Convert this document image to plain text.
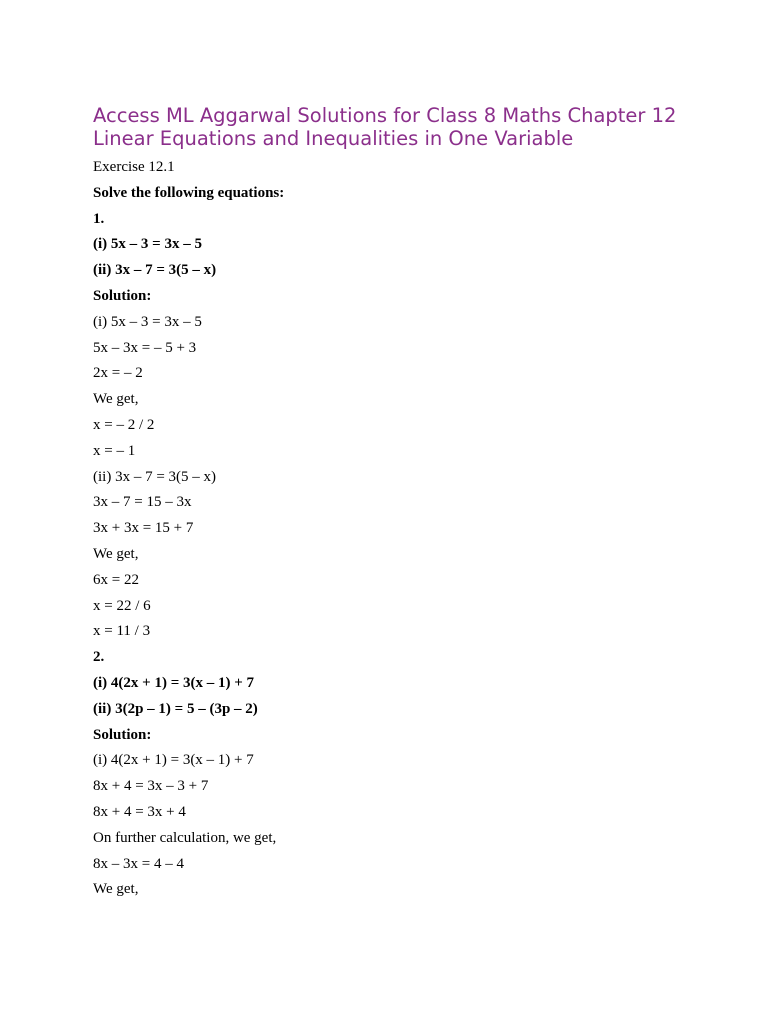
Access ML Aggarwal Solutions for Class 8 Maths Chapter 12 Linear Equations and Inequalities in One Variable

Exercise 12.1

Solve the following equations:

1.

(i) 5x – 3 = 3x – 5

(ii) 3x – 7 = 3(5 – x)

Solution:

(i) 5x – 3 = 3x – 5

5x – 3x = – 5 + 3

2x = – 2

We get,

x = – 2 / 2

x = – 1

(ii) 3x – 7 = 3(5 – x)

3x – 7 = 15 – 3x

3x + 3x = 15 + 7

We get,

6x = 22

x = 22 / 6

x = 11 / 3

2.

(i) 4(2x + 1) = 3(x – 1) + 7

(ii) 3(2p – 1) = 5 – (3p – 2)

Solution:

(i) 4(2x + 1) = 3(x – 1) + 7

8x + 4 = 3x – 3 + 7

8x + 4 = 3x + 4

On further calculation, we get,

8x – 3x = 4 – 4

We get,
